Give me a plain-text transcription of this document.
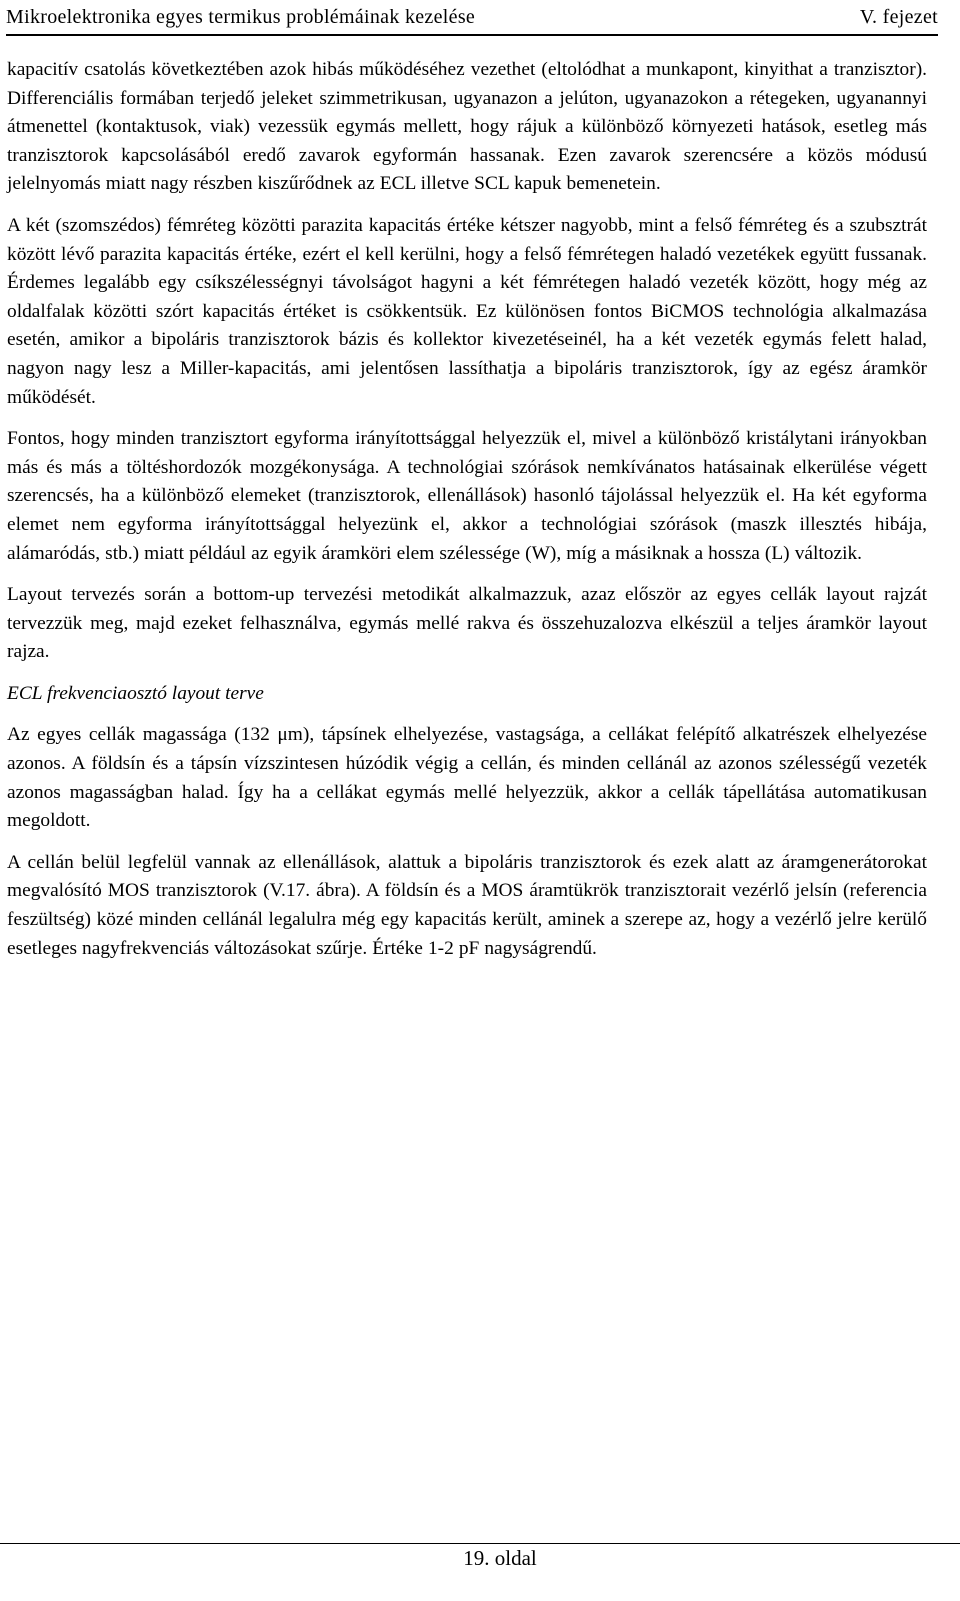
Mikroelektronika egyes termikus problémáinak kezelése	V. fejezet

kapacitív csatolás következtében azok hibás működéséhez vezethet (eltolódhat a munkapont, kinyithat a tranzisztor). Differenciális formában terjedő jeleket szimmetrikusan, ugyanazon a jelúton, ugyanazokon a rétegeken, ugyanannyi átmenettel (kontaktusok, viak) vezessük egymás mellett, hogy rájuk a különböző környezeti hatások, esetleg más tranzisztorok kapcsolásából eredő zavarok egyformán hassanak. Ezen zavarok szerencsére a közös módusú jelelnyomás miatt nagy részben kiszűrődnek az ECL illetve SCL kapuk bemenetein.

A két (szomszédos) fémréteg közötti parazita kapacitás értéke kétszer nagyobb, mint a felső fémréteg és a szubsztrát között lévő parazita kapacitás értéke, ezért el kell kerülni, hogy a felső fémrétegen haladó vezetékek együtt fussanak. Érdemes legalább egy csíkszélességnyi távolságot hagyni a két fémrétegen haladó vezeték között, hogy még az oldalfalak közötti szórt kapacitás értéket is csökkentsük. Ez különösen fontos BiCMOS technológia alkalmazása esetén, amikor a bipoláris tranzisztorok bázis és kollektor kivezetéseinél, ha a két vezeték egymás felett halad, nagyon nagy lesz a Miller-kapacitás, ami jelentősen lassíthatja a bipoláris tranzisztorok, így az egész áramkör működését.

Fontos, hogy minden tranzisztort egyforma irányítottsággal helyezzük el, mivel a különböző kristálytani irányokban más és más a töltéshordozók mozgékonysága. A technológiai szórások nemkívánatos hatásainak elkerülése végett szerencsés, ha a különböző elemeket (tranzisztorok, ellenállások) hasonló tájolással helyezzük el. Ha két egyforma elemet nem egyforma irányítottsággal helyezünk el, akkor a technológiai szórások (maszk illesztés hibája, alámaródás, stb.) miatt például az egyik áramköri elem szélessége (W), míg a másiknak a hossza (L) változik.

Layout tervezés során a bottom-up tervezési metodikát alkalmazzuk, azaz először az egyes cellák layout rajzát tervezzük meg, majd ezeket felhasználva, egymás mellé rakva és összehuzalozva elkészül a teljes áramkör layout rajza.

ECL frekvenciaosztó layout terve

Az egyes cellák magassága (132 μm), tápsínek elhelyezése, vastagsága, a cellákat felépítő alkatrészek elhelyezése azonos. A földsín és a tápsín vízszintesen húzódik végig a cellán, és minden cellánál az azonos szélességű vezeték azonos magasságban halad. Így ha a cellákat egymás mellé helyezzük, akkor a cellák tápellátása automatikusan megoldott.

A cellán belül legfelül vannak az ellenállások, alattuk a bipoláris tranzisztorok és ezek alatt az áramgenerátorokat megvalósító MOS tranzisztorok (V.17. ábra). A földsín és a MOS áramtükrök tranzisztorait vezérlő jelsín (referencia feszültség) közé minden cellánál legalulra még egy kapacitás került, aminek a szerepe az, hogy a vezérlő jelre kerülő esetleges nagyfrekvenciás változásokat szűrje. Értéke 1-2 pF nagyságrendű.

19. oldal
